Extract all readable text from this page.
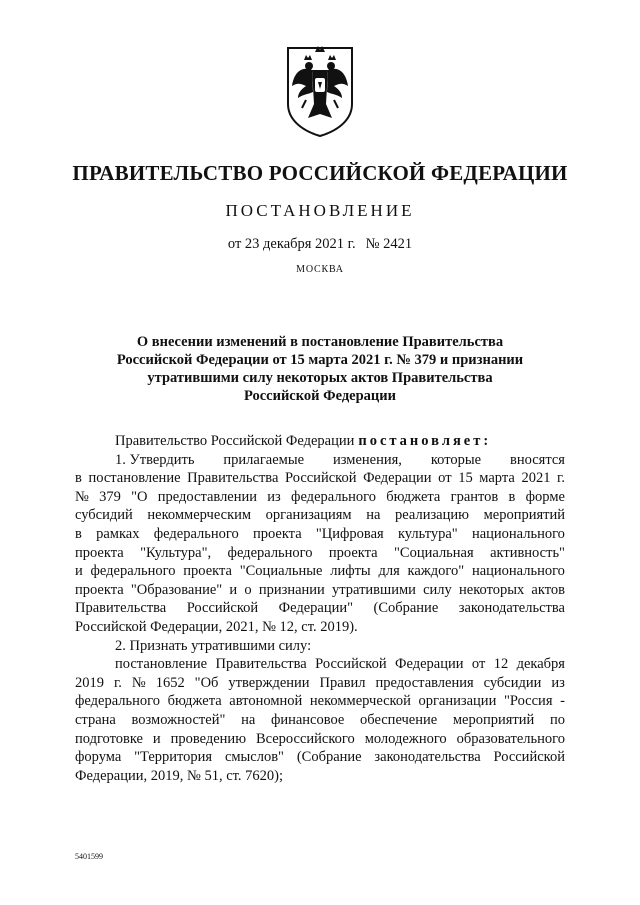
ПРАВИТЕЛЬСТВО РОССИЙСКОЙ ФЕДЕРАЦИИ
ПОСТАНОВЛЕНИЕ
от 23 декабря 2021 г. № 2421
МОСКВА
О внесении изменений в постановление Правительства
Российской Федерации от 15 марта 2021 г. № 379 и признании
утратившими силу некоторых актов Правительства
Российской Федерации
Правительство Российской Федерации постановляет:
1. Утвердить прилагаемые изменения, которые вносятся
в постановление Правительства Российской Федерации от 15 марта 2021 г.
№ 379 "О предоставлении из федерального бюджета грантов в форме
субсидий некоммерческим организациям на реализацию мероприятий
в рамках федерального проекта "Цифровая культура" национального
проекта "Культура", федерального проекта "Социальная активность"
и федерального проекта "Социальные лифты для каждого" национального
проекта "Образование" и о признании утратившими силу некоторых актов
Правительства Российской Федерации" (Собрание законодательства
Российской Федерации, 2021, № 12, ст. 2019).
2. Признать утратившими силу:
постановление Правительства Российской Федерации от 12 декабря
2019 г. № 1652 "Об утверждении Правил предоставления субсидии из
федерального бюджета автономной некоммерческой организации "Россия -
страна возможностей" на финансовое обеспечение мероприятий по
подготовке и проведению Всероссийского молодежного образовательного
форума "Территория смыслов" (Собрание законодательства Российской
Федерации, 2019, № 51, ст. 7620);
5401599
